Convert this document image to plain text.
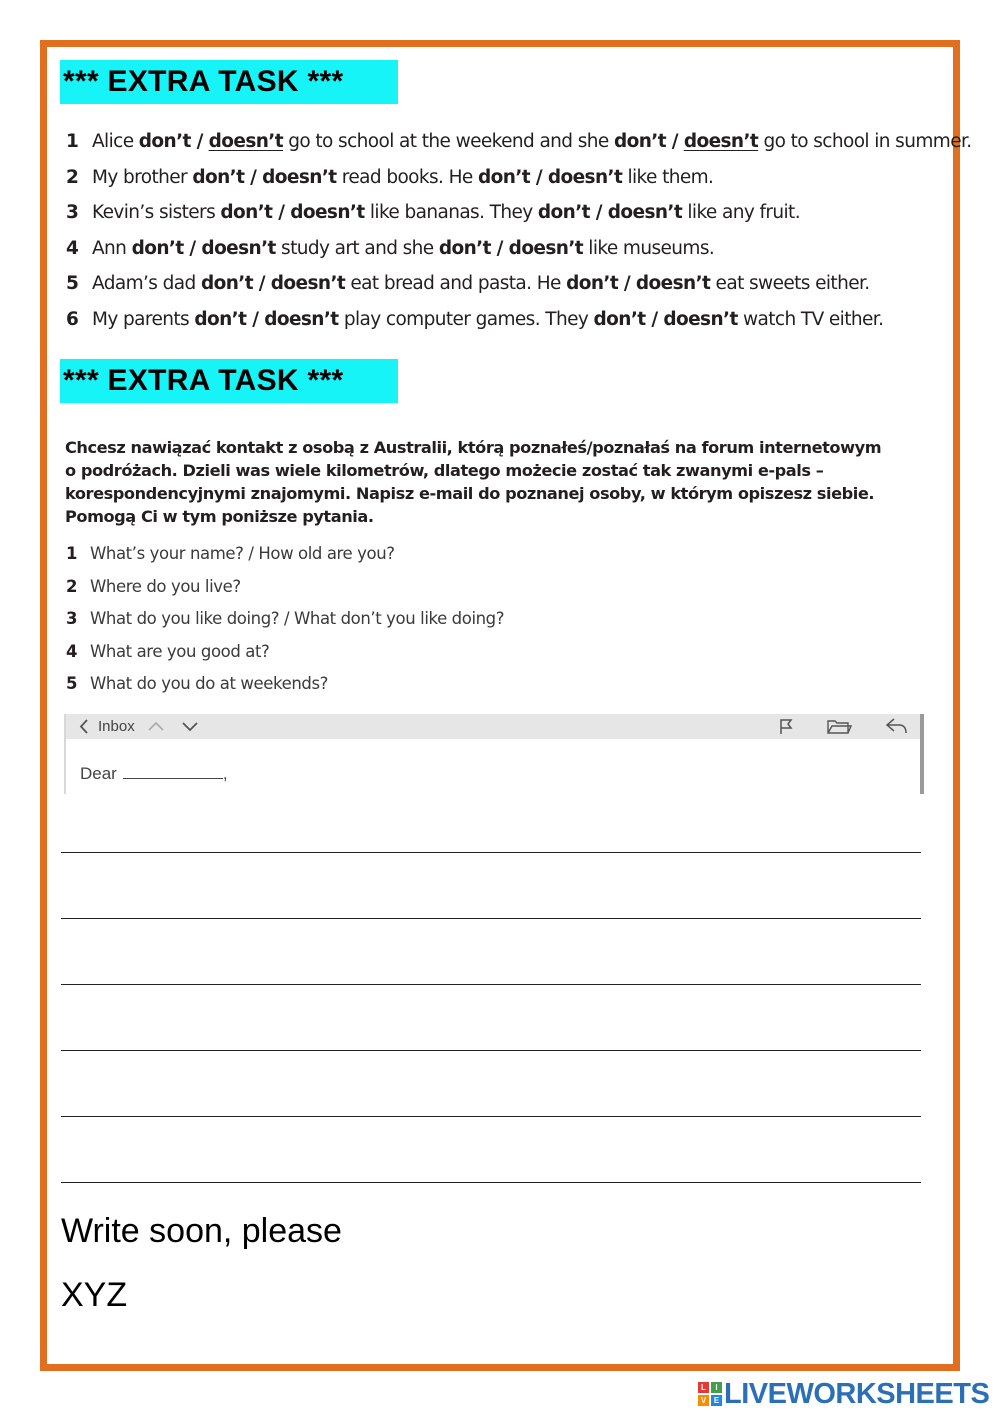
*** EXTRA TASK ***
1 Alice don’t / doesn’t go to school at the weekend and she don’t / doesn’t go to school in summer.
2 My brother don’t / doesn’t read books. He don’t / doesn’t like them.
3 Kevin’s sisters don’t / doesn’t like bananas. They don’t / doesn’t like any fruit.
4 Ann don’t / doesn’t study art and she don’t / doesn’t like museums.
5 Adam’s dad don’t / doesn’t eat bread and pasta. He don’t / doesn’t eat sweets either.
6 My parents don’t / doesn’t play computer games. They don’t / doesn’t watch TV either.
*** EXTRA TASK ***
Chcesz nawiązać kontakt z osobą z Australii, którą poznałeś/poznałaś na forum internetowym
o podróżach. Dzieli was wiele kilometrów, dlatego możecie zostać tak zwanymi e-pals –
korespondencyjnymi znajomymi. Napisz e-mail do poznanej osoby, w którym opiszesz siebie.
Pomogą Ci w tym poniższe pytania.
1 What’s your name? / How old are you?
2 Where do you live?
3 What do you like doing? / What don’t you like doing?
4 What are you good at?
5 What do you do at weekends?
Inbox
Dear	,
Write soon, please
XYZ
L	I
V E LIVEWORKSHEETS
